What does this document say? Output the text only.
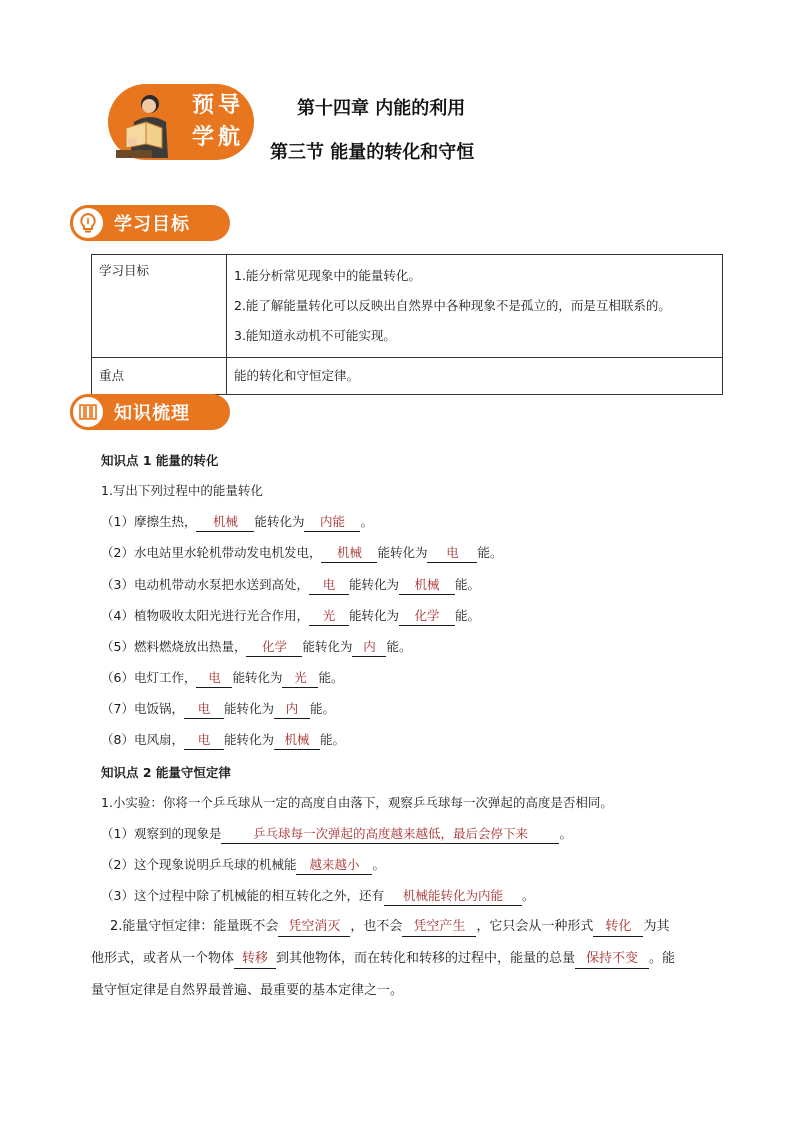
预导
学航
第十四章 内能的利用
第三节 能量的转化和守恒
学习目标
学习目标	1.能分析常见现象中的能量转化。
2.能了解能量转化可以反映出自然界中各种现象不是孤立的，而是互相联系的。
3.能知道永动机不可能实现。

重点	能的转化和守恒定律。
知识梳理
知识点 1 能量的转化
1.写出下列过程中的能量转化
（1）摩擦生热， 机械 能转化为 内能 。
（2）水电站里水轮机带动发电机发电， 机械 能转化为 电 能。
（3）电动机带动水泵把水送到高处， 电 能转化为 机械 能。
（4）植物吸收太阳光进行光合作用， 光 能转化为 化学 能。
（5）燃料燃烧放出热量， 化学 能转化为 内 能。
（6）电灯工作， 电 能转化为 光 能。
（7）电饭锅， 电 能转化为 内 能。
（8）电风扇， 电 能转化为 机械 能。
知识点 2 能量守恒定律
1.小实验：你将一个乒乓球从一定的高度自由落下，观察乒乓球每一次弹起的高度是否相同。
（1）观察到的现象是	乒乓球每一次弹起的高度越来越低，最后会停下来	。
（2）这个现象说明乒乓球的机械能 越来越小 。
（3）这个过程中除了机械能的相互转化之外，还有 机械能转化为内能 。
2.能量守恒定律：能量既不会 凭空消灭 ，也不会 凭空产生 ，它只会从一种形式 转化 为其
他形式，或者从一个物体 转移 到其他物体，而在转化和转移的过程中，能量的总量 保持不变 。能
量守恒定律是自然界最普遍、最重要的基本定律之一。
